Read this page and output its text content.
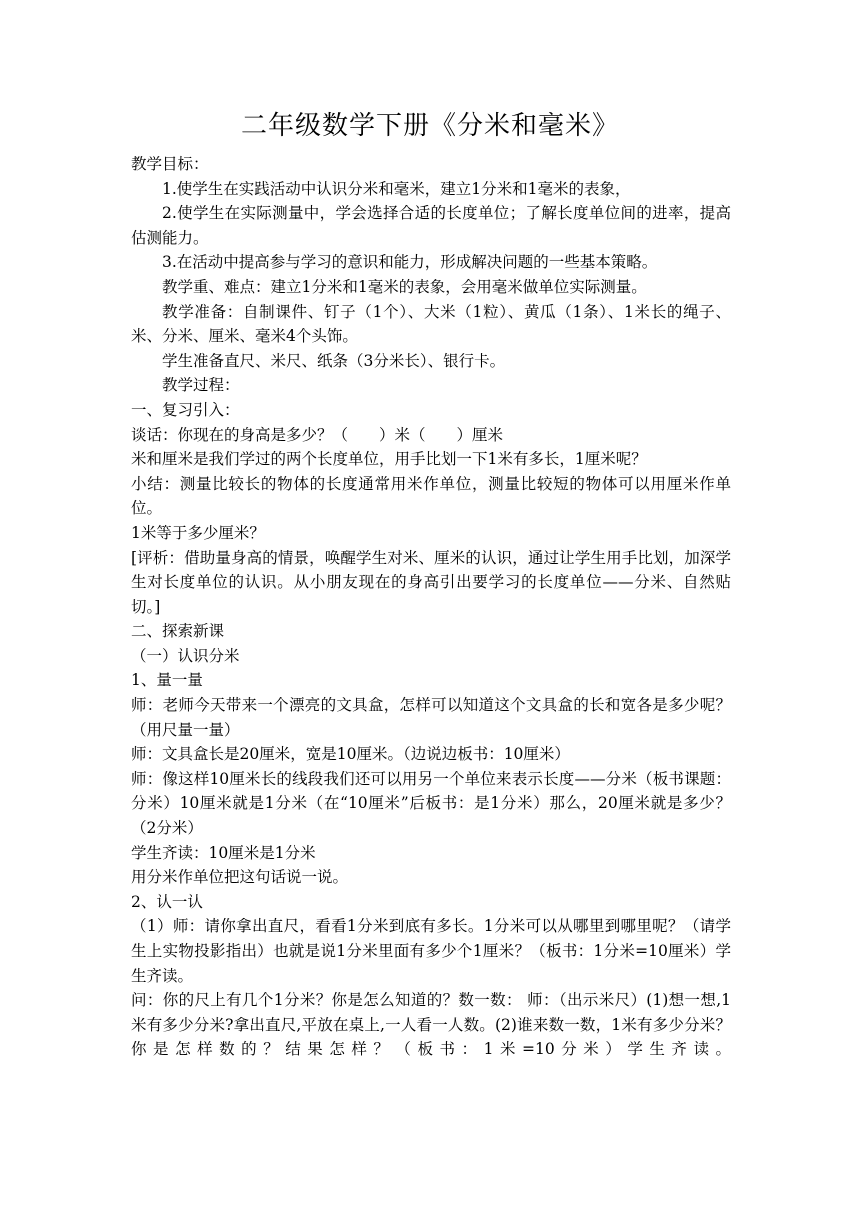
二年级数学下册《分米和毫米》

教学目标：

1.使学生在实践活动中认识分米和毫米，建立1分米和1毫米的表象，

2.使学生在实际测量中，学会选择合适的长度单位；了解长度单位间的进率，提高估测能力。

3.在活动中提高参与学习的意识和能力，形成解决问题的一些基本策略。

教学重、难点：建立1分米和1毫米的表象，会用毫米做单位实际测量。

教学准备：自制课件、钉子（1个）、大米（1粒）、黄瓜（1条）、1米长的绳子、米、分米、厘米、毫米4个头饰。

学生准备直尺、米尺、纸条（3分米长）、银行卡。

教学过程：

一、复习引入：

谈话：你现在的身高是多少？（　　）米（　　）厘米

米和厘米是我们学过的两个长度单位，用手比划一下1米有多长，1厘米呢？

小结：测量比较长的物体的长度通常用米作单位，测量比较短的物体可以用厘米作单位。

1米等于多少厘米？

[评析：借助量身高的情景，唤醒学生对米、厘米的认识，通过让学生用手比划，加深学生对长度单位的认识。从小朋友现在的身高引出要学习的长度单位——分米、自然贴切。]

二、探索新课

（一）认识分米

1、量一量

师：老师今天带来一个漂亮的文具盒，怎样可以知道这个文具盒的长和宽各是多少呢？（用尺量一量）

师：文具盒长是20厘米，宽是10厘米。（边说边板书：10厘米）

师：像这样10厘米长的线段我们还可以用另一个单位来表示长度——分米（板书课题：分米）10厘米就是1分米（在“10厘米”后板书：是1分米）那么，20厘米就是多少？（2分米）

学生齐读：10厘米是1分米

用分米作单位把这句话说一说。

2、认一认

（1）师：请你拿出直尺，看看1分米到底有多长。1分米可以从哪里到哪里呢？（请学生上实物投影指出）也就是说1分米里面有多少个1厘米？（板书：1分米=10厘米）学生齐读。

问：你的尺上有几个1分米？你是怎么知道的？数一数： 师：（出示米尺）(1)想一想,1米有多少分米?拿出直尺,平放在桌上,一人看一人数。(2)谁来数一数，1米有多少分米？你是怎样数的？结果怎样？（板书：1米=10分米）学生齐读。
